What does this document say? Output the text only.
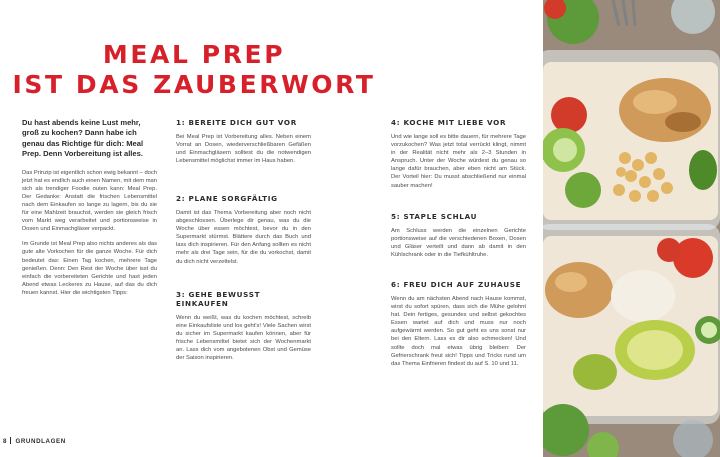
MEAL PREP
IST DAS ZAUBERWORT

Du hast abends keine Lust mehr, groß zu kochen? Dann habe ich genau das Richtige für dich: Meal Prep. Denn Vorbereitung ist alles.

Das Prinzip ist eigentlich schon ewig bekannt – doch jetzt hat es endlich auch einen Namen, mit dem man sich als trendiger Foodie outen kann: Meal Prep. Der Gedanke: Anstatt die frischen Lebensmittel nach dem Einkaufen so lange zu lagern, bis du sie für eine Mahlzeit brauchst, werden sie gleich frisch vom Markt weg verarbeitet und portionsweise in Dosen und Einmachgläser verpackt.

Im Grunde ist Meal Prep also nichts anderes als das gute alte Vorkochen für die ganze Woche. Für dich bedeutet das: Einen Tag kochen, mehrere Tage genießen. Denn: Den Rest der Woche über isst du einfach die vorbereiteten Gerichte und hast jeden Abend etwas Leckeres zu Hause, auf das du dich freuen kannst. Hier die wichtigsten Tipps:

1: BEREITE DICH GUT VOR

Bei Meal Prep ist Vorbereitung alles. Neben einem Vorrat an Dosen, wiederverschließbaren Gefäßen und Einmachgläsern solltest du die notwendigen Lebensmittel möglichst immer im Haus haben.

2: PLANE SORGFÄLTIG

Damit ist das Thema Vorbereitung aber noch nicht abgeschlossen. Überlege dir genau, was du die Woche über essen möchtest, bevor du in den Supermarkt stürmst. Blättere durch das Buch und lass dich inspirieren. Für den Anfang sollten es nicht mehr als drei Tage sein, für die du vorkochst, damit du dich nicht verzettelst.

3: GEHE BEWUSST EINKAUFEN

Wenn du weißt, was du kochen möchtest, schreib eine Einkaufsliste und los geht's! Viele Sachen wirst du sicher im Supermarkt kaufen können, aber für frische Lebensmittel bietet sich der Wochenmarkt an. Lass dich vom angebotenen Obst und Gemüse der Saison inspirieren.

4: KOCHE MIT LIEBE VOR

Und wie lange soll es bitte dauern, für mehrere Tage vorzukochen? Was jetzt total verrückt klingt, nimmt in der Realität nicht mehr als 2–3 Stunden in Anspruch. Unter der Woche würdest du genau so lange dafür brauchen, aber eben nicht am Stück. Der Vorteil hier: Du musst abschließend nur einmal sauber machen!

5: STAPLE SCHLAU

Am Schluss werden die einzelnen Gerichte portionsweise auf die verschiedenen Boxen, Dosen und Gläser verteilt und dann ab damit in den Kühlschrank oder in die Tiefkühltruhe.

6: FREU DICH AUF ZUHAUSE

Wenn du am nächsten Abend nach Hause kommst, wirst du sofort spüren, dass sich die Mühe gelohnt hat. Dein fertiges, gesundes und selbst gekochtes Essen wartet auf dich und muss nur noch aufgewärmt werden. So gut geht es uns sonst nur bei den Eltern. Lass es dir also schmecken! Und sollte doch mal etwas übrig bleiben: Der Gefrierschrank freut sich! Tipps und Tricks rund um das Thema Einfrieren findest du auf S. 10 und 11.

8 GRUNDLAGEN
